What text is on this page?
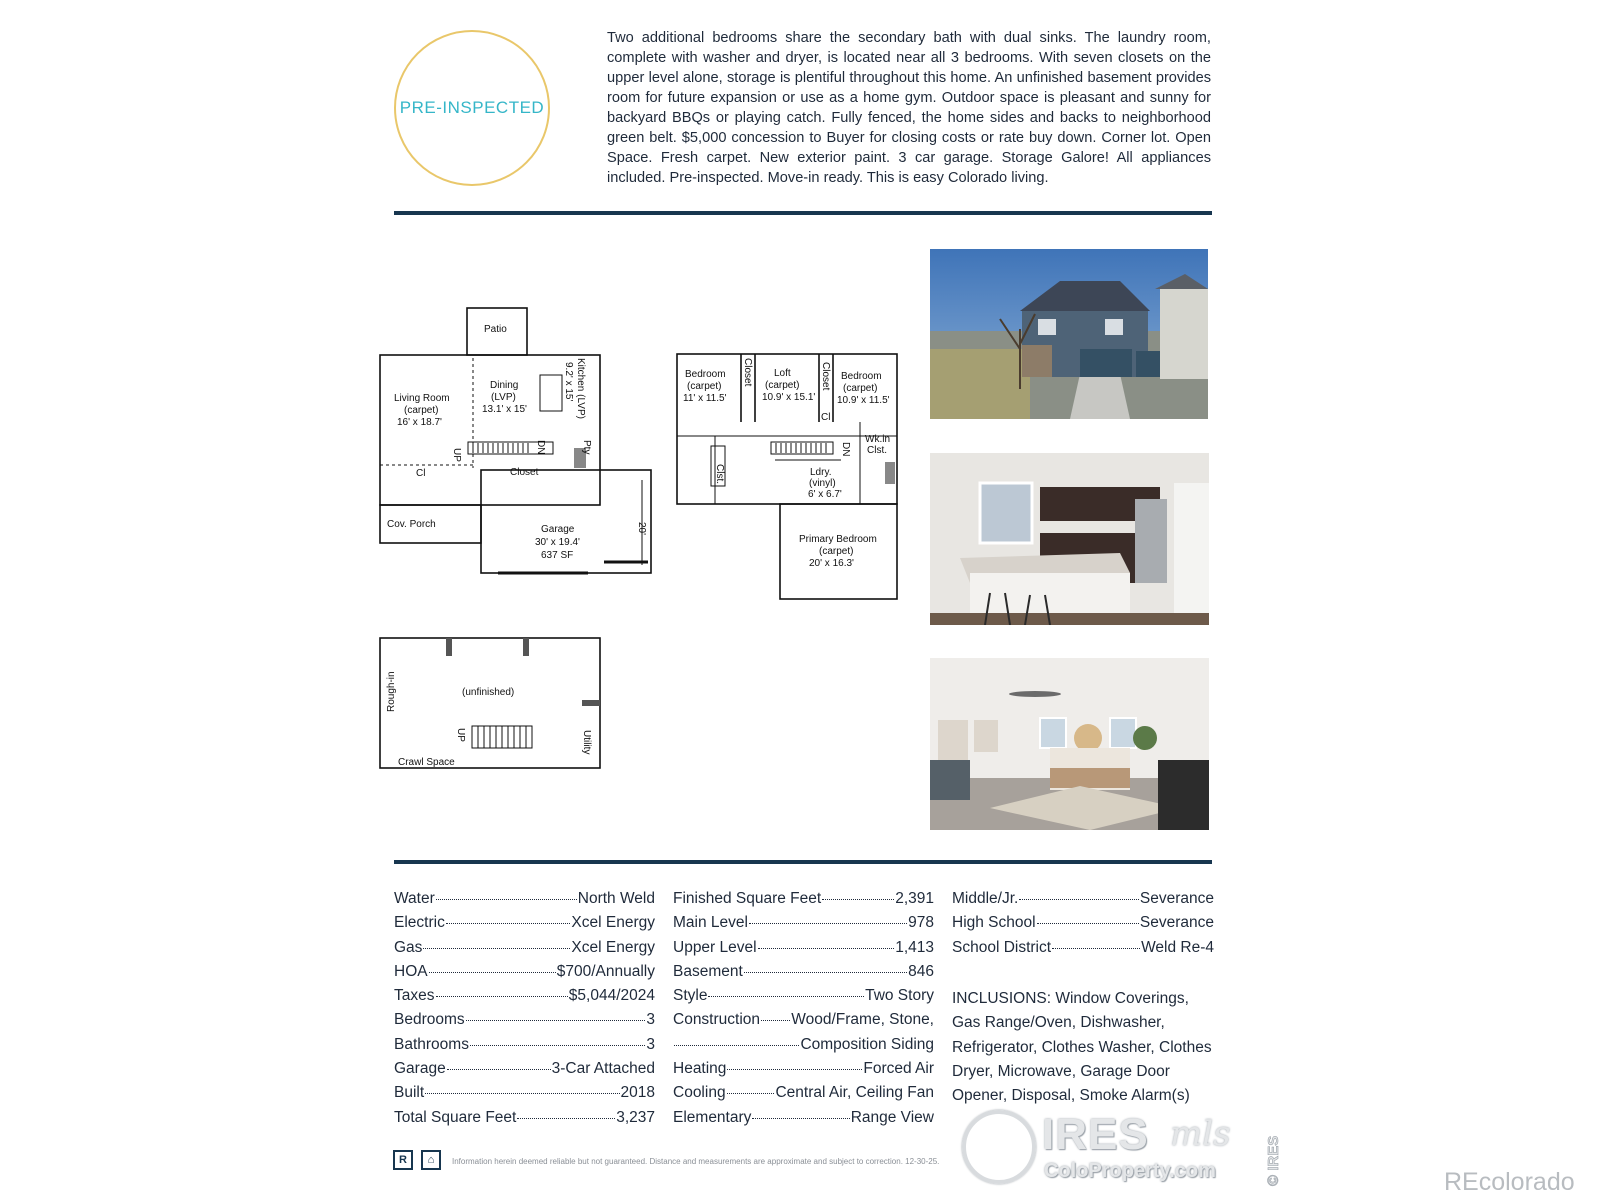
PRE-INSPECTED

Two additional bedrooms share the secondary bath with dual sinks. The laundry room, complete with washer and dryer, is located near all 3 bedrooms. With seven closets on the upper level alone, storage is plentiful throughout this home. An unfinished basement provides room for future expansion or use as a home gym. Outdoor space is pleasant and sunny for backyard BBQs or playing catch. Fully fenced, the home sides and backs to neighborhood green belt. $5,000 concession to Buyer for closing costs or rate buy down. Corner lot. Open Space. Fresh carpet. New exterior paint. 3 car garage. Storage Galore! All appliances included. Pre-inspected. Move-in ready. This is easy Colorado living.

Patio
Living Room
(carpet)
16' x 18.7'
Dining
(LVP)
13.1' x 15'	Kitchen (LVP)
9.2' x 15'
UP
DN	Pty
Cl	Closet
Cov. Porch	Garage
30' x 19.4'
637 SF
20'
Bedroom
(carpet)
11' x 11.5'
Closet Loft
(carpet)
10.9' x 15.1'
Closet Bedroom
(carpet)
10.9' x 11.5'
Cl
Wk.in
Clst.
DN
Clst.	Ldry.
(vinyl)
6' x 6.7'
Primary Bedroom
(carpet)
20' x 16.3'
(unfinished)
Rough-in
UP	Utility
Crawl Space
Water	North Weld
Electric	Xcel Energy
Gas	Xcel Energy
HOA	$700/Annually
Taxes	$5,044/2024
Bedrooms	3
Bathrooms	3
Garage	3-Car Attached
Built	2018
Total Square Feet	3,237
Finished Square Feet	2,391
Main Level	978
Upper Level	1,413
Basement	846
Style	Two Story
Construction Wood/Frame, Stone,
Composition Siding
Heating	Forced Air
Cooling	Central Air, Ceiling Fan
Elementary	Range View
Middle/Jr.	Severance
High School	Severance
School District	Weld Re-4

INCLUSIONS: Window Coverings, Gas Range/Oven, Dishwasher, Refrigerator, Clothes Washer, Clothes Dryer, Microwave, Garage Door Opener, Disposal, Smoke Alarm(s)

R	⌂	Information herein deemed reliable but not guaranteed. Distance and measurements are approximate and subject to correction. 12-30-25.
IRES mls
ColoProperty.com	© IRES	REcolorado
